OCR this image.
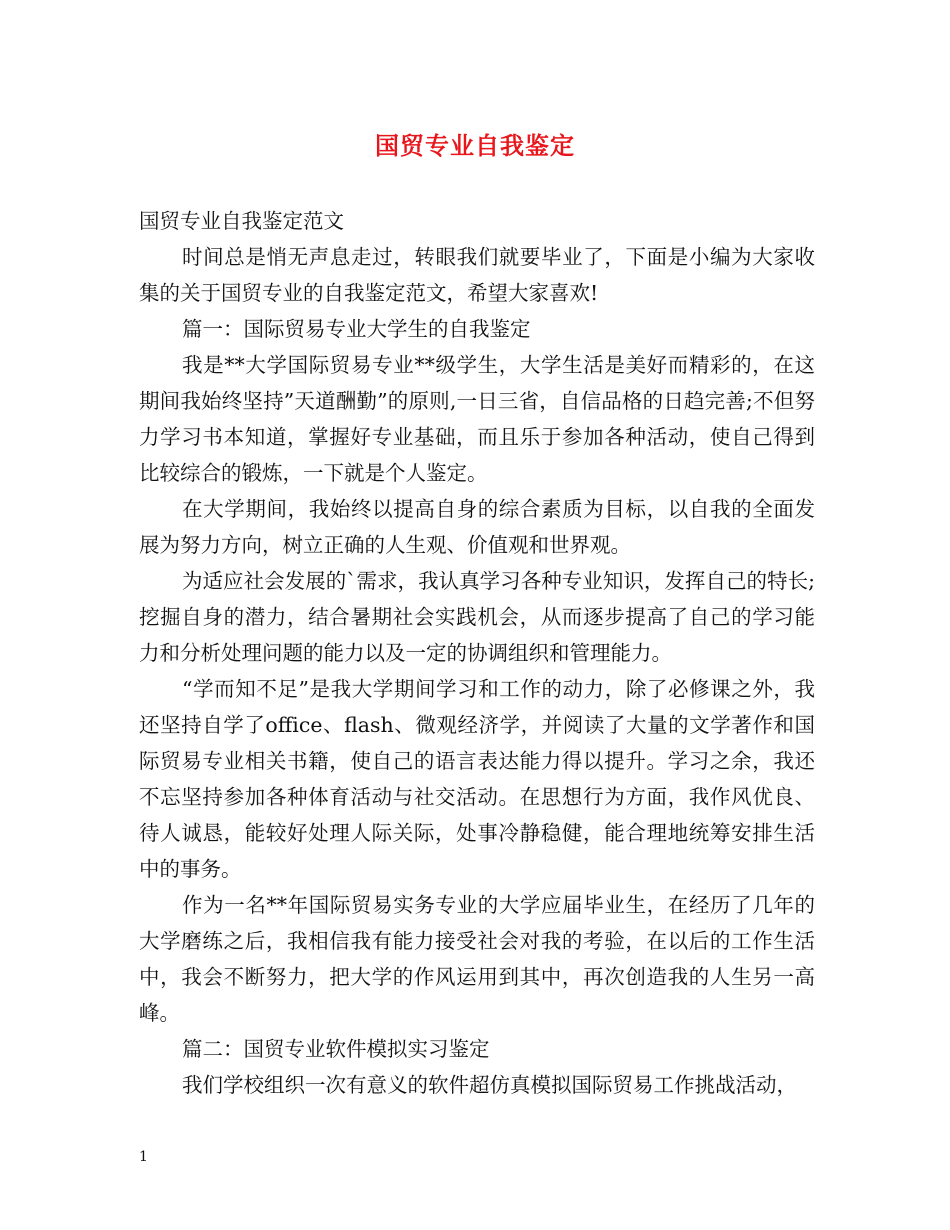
国贸专业自我鉴定

国贸专业自我鉴定范文

时间总是悄无声息走过，转眼我们就要毕业了，下面是小编为大家收集的关于国贸专业的自我鉴定范文，希望大家喜欢!

篇一：国际贸易专业大学生的自我鉴定

我是**大学国际贸易专业**级学生，大学生活是美好而精彩的，在这期间我始终坚持”天道酬勤”的原则,一日三省，自信品格的日趋完善;不但努力学习书本知道，掌握好专业基础，而且乐于参加各种活动，使自己得到比较综合的锻炼，一下就是个人鉴定。

在大学期间，我始终以提高自身的综合素质为目标，以自我的全面发展为努力方向，树立正确的人生观、价值观和世界观。

为适应社会发展的`需求，我认真学习各种专业知识，发挥自己的特长;挖掘自身的潜力，结合暑期社会实践机会，从而逐步提高了自己的学习能力和分析处理问题的能力以及一定的协调组织和管理能力。

“学而知不足”是我大学期间学习和工作的动力，除了必修课之外，我还坚持自学了office、flash、微观经济学，并阅读了大量的文学著作和国际贸易专业相关书籍，使自己的语言表达能力得以提升。学习之余，我还不忘坚持参加各种体育活动与社交活动。在思想行为方面，我作风优良、待人诚恳，能较好处理人际关际，处事冷静稳健，能合理地统筹安排生活中的事务。

作为一名**年国际贸易实务专业的大学应届毕业生，在经历了几年的大学磨练之后，我相信我有能力接受社会对我的考验，在以后的工作生活中，我会不断努力，把大学的作风运用到其中，再次创造我的人生另一高峰。

篇二：国贸专业软件模拟实习鉴定

我们学校组织一次有意义的软件超仿真模拟国际贸易工作挑战活动，

1
